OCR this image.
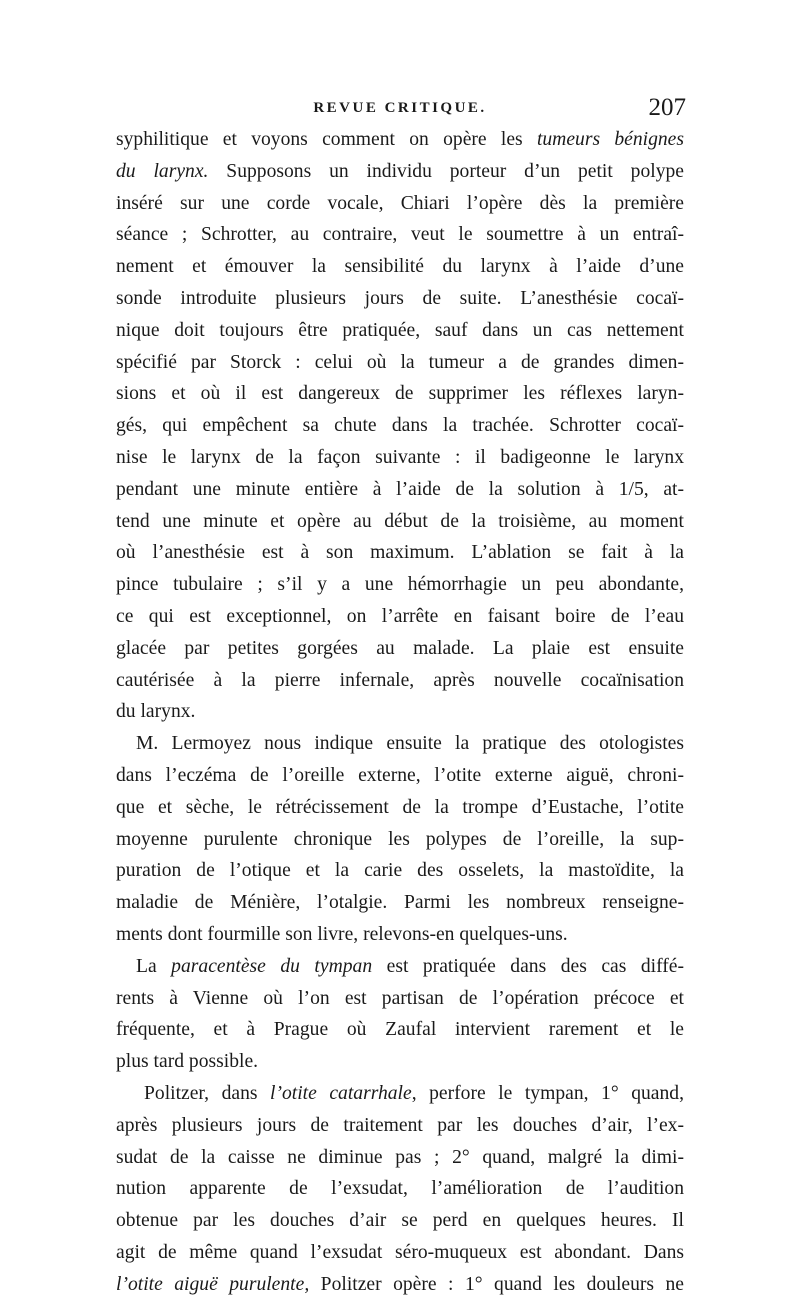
REVUE CRITIQUE.	207
syphilitique et voyons comment on opère les tumeurs bénignes
du larynx. Supposons un individu porteur d’un petit polype
inséré sur une corde vocale, Chiari l’opère dès la première
séance ; Schrotter, au contraire, veut le soumettre à un entraî-
nement et émouver la sensibilité du larynx à l’aide d’une
sonde introduite plusieurs jours de suite. L’anesthésie cocaï-
nique doit toujours être pratiquée, sauf dans un cas nettement
spécifié par Storck : celui où la tumeur a de grandes dimen-
sions et où il est dangereux de supprimer les réflexes laryn-
gés, qui empêchent sa chute dans la trachée. Schrotter cocaï-
nise le larynx de la façon suivante : il badigeonne le larynx
pendant une minute entière à l’aide de la solution à 1/5, at-
tend une minute et opère au début de la troisième, au moment
où l’anesthésie est à son maximum. L’ablation se fait à la
pince tubulaire ; s’il y a une hémorrhagie un peu abondante,
ce qui est exceptionnel, on l’arrête en faisant boire de l’eau
glacée par petites gorgées au malade. La plaie est ensuite
cautérisée à la pierre infernale, après nouvelle cocaïnisation
du larynx.
M. Lermoyez nous indique ensuite la pratique des otologistes
dans l’eczéma de l’oreille externe, l’otite externe aiguë, chroni-
que et sèche, le rétrécissement de la trompe d’Eustache, l’otite
moyenne purulente chronique les polypes de l’oreille, la sup-
puration de l’otique et la carie des osselets, la mastoïdite, la
maladie de Ménière, l’otalgie. Parmi les nombreux renseigne-
ments dont fourmille son livre, relevons-en quelques-uns.
La paracentèse du tympan est pratiquée dans des cas diffé-
rents à Vienne où l’on est partisan de l’opération précoce et
fréquente, et à Prague où Zaufal intervient rarement et le
plus tard possible.
Politzer, dans l’otite catarrhale, perfore le tympan, 1° quand,
après plusieurs jours de traitement par les douches d’air, l’ex-
sudat de la caisse ne diminue pas ; 2° quand, malgré la dimi-
nution apparente de l’exsudat, l’amélioration de l’audition
obtenue par les douches d’air se perd en quelques heures. Il
agit de même quand l’exsudat séro-muqueux est abondant. Dans
l’otite aiguë purulente, Politzer opère : 1° quand les douleurs ne
